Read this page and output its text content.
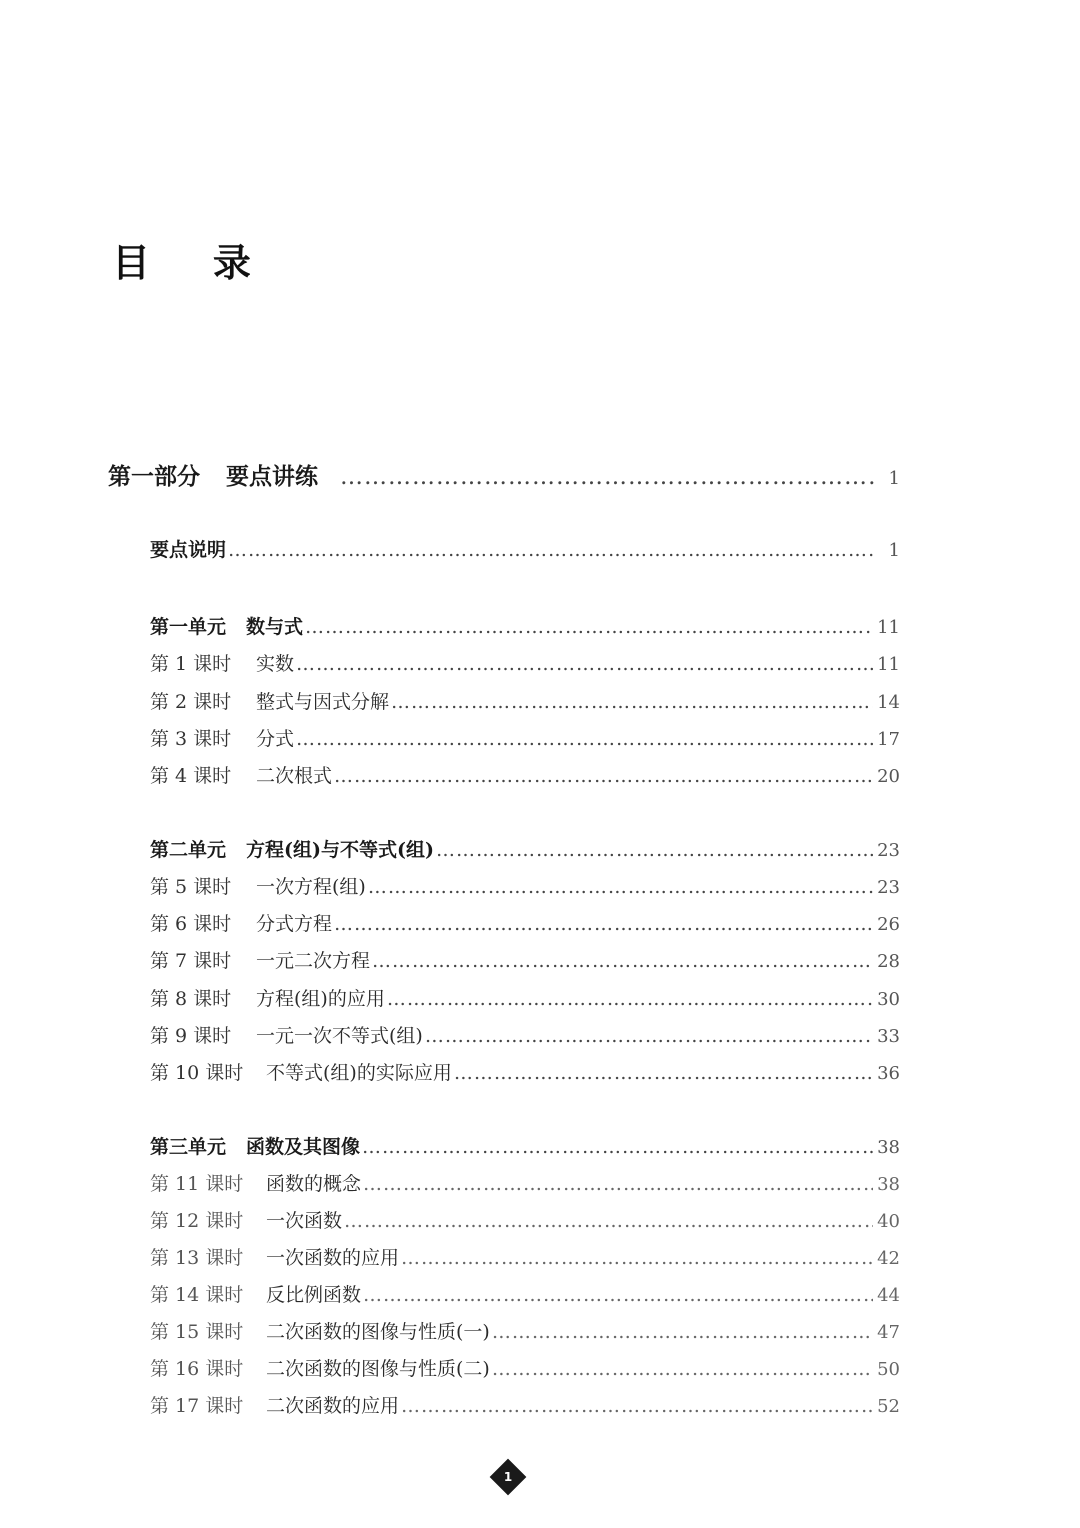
目    录
第一部分 要点讲练 ……………………………………………………………………………………………………………………………………………………………………………………………………………………	1
要点说明 ……………………………………………………………………………………………………………………………………………………………………………………………………………………	1
第一单元 数与式 ……………………………………………………………………………………………………………………………………………………………………………………………………………………	11
第 1 课时	实数 ……………………………………………………………………………………………………………………………………………………………………………………………………………………	11
第 2 课时	整式与因式分解 ……………………………………………………………………………………………………………………………………………………………………………………………………………………	14
第 3 课时	分式 ……………………………………………………………………………………………………………………………………………………………………………………………………………………	17
第 4 课时	二次根式 ……………………………………………………………………………………………………………………………………………………………………………………………………………………	20
第二单元 方程(组)与不等式(组) ……………………………………………………………………………………………………………………………………………………………………………………………………………………	23
第 5 课时	一次方程(组) ……………………………………………………………………………………………………………………………………………………………………………………………………………………	23
第 6 课时	分式方程 ……………………………………………………………………………………………………………………………………………………………………………………………………………………	26
第 7 课时	一元二次方程 ……………………………………………………………………………………………………………………………………………………………………………………………………………………	28
第 8 课时	方程(组)的应用 ……………………………………………………………………………………………………………………………………………………………………………………………………………………	30
第 9 课时	一元一次不等式(组) ……………………………………………………………………………………………………………………………………………………………………………………………………………………	33
第 10 课时	不等式(组)的实际应用 ……………………………………………………………………………………………………………………………………………………………………………………………………………………	36
第三单元 函数及其图像 ……………………………………………………………………………………………………………………………………………………………………………………………………………………	38
第 11 课时	函数的概念 ……………………………………………………………………………………………………………………………………………………………………………………………………………………	38
第 12 课时	一次函数 ……………………………………………………………………………………………………………………………………………………………………………………………………………………	40
第 13 课时	一次函数的应用 ……………………………………………………………………………………………………………………………………………………………………………………………………………………	42
第 14 课时	反比例函数 ……………………………………………………………………………………………………………………………………………………………………………………………………………………	44
第 15 课时	二次函数的图像与性质(一) ……………………………………………………………………………………………………………………………………………………………………………………………………………………	47
第 16 课时	二次函数的图像与性质(二) ……………………………………………………………………………………………………………………………………………………………………………………………………………………	50
第 17 课时	二次函数的应用 ……………………………………………………………………………………………………………………………………………………………………………………………………………………	52
1
